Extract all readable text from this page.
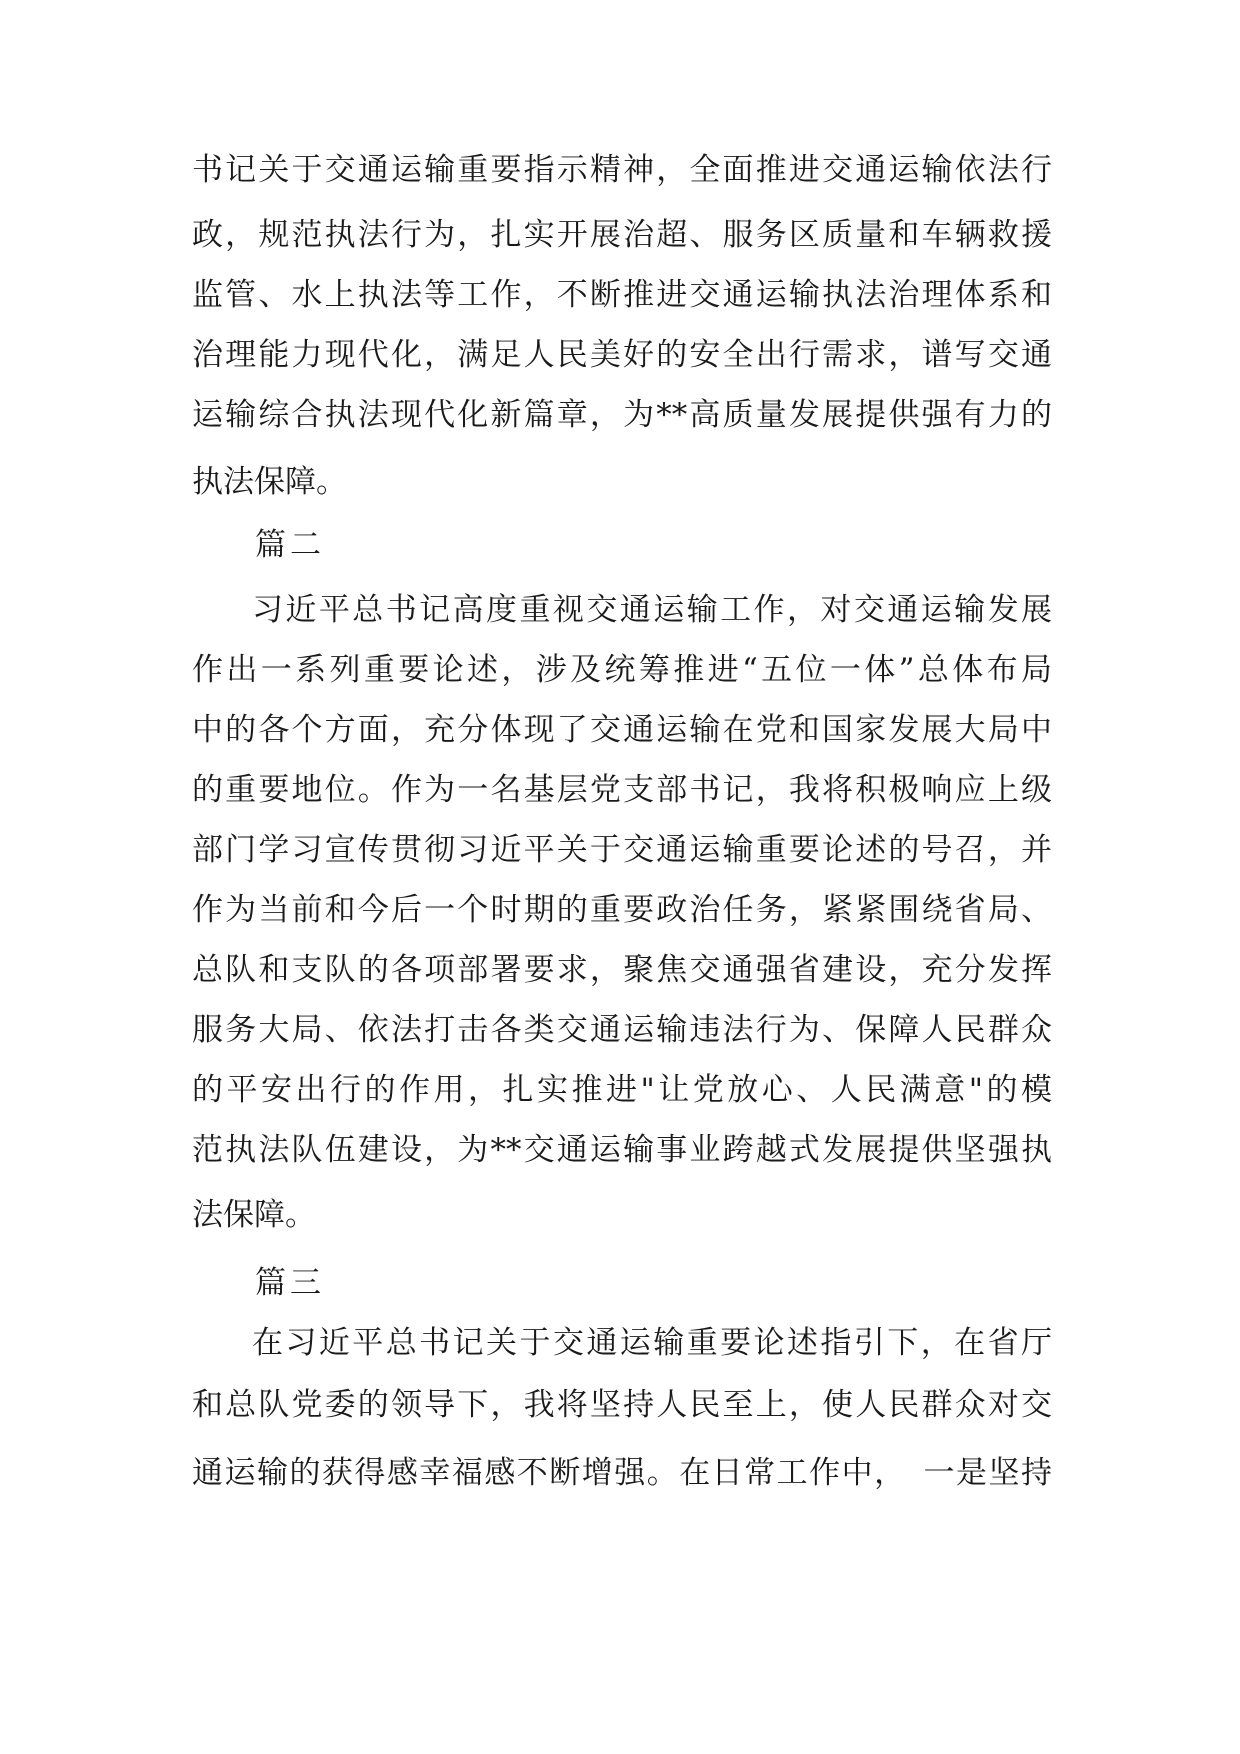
书记关于交通运输重要指示精神，全面推进交通运输依法行
政，规范执法行为，扎实开展治超、服务区质量和车辆救援
监管、水上执法等工作，不断推进交通运输执法治理体系和
治理能力现代化，满足人民美好的安全出行需求，谱写交通
运输综合执法现代化新篇章，为**高质量发展提供强有力的
执法保障。
篇二
习近平总书记高度重视交通运输工作，对交通运输发展
作出一系列重要论述，涉及统筹推进“五位一体”总体布局
中的各个方面，充分体现了交通运输在党和国家发展大局中
的重要地位。作为一名基层党支部书记，我将积极响应上级
部门学习宣传贯彻习近平关于交通运输重要论述的号召，并
作为当前和今后一个时期的重要政治任务，紧紧围绕省局、
总队和支队的各项部署要求，聚焦交通强省建设，充分发挥
服务大局、依法打击各类交通运输违法行为、保障人民群众
的平安出行的作用，扎实推进"让党放心、人民满意"的模
范执法队伍建设，为**交通运输事业跨越式发展提供坚强执
法保障。
篇三
在习近平总书记关于交通运输重要论述指引下，在省厅
和总队党委的领导下，我将坚持人民至上，使人民群众对交
通运输的获得感幸福感不断增强。在日常工作中，　一是坚持
